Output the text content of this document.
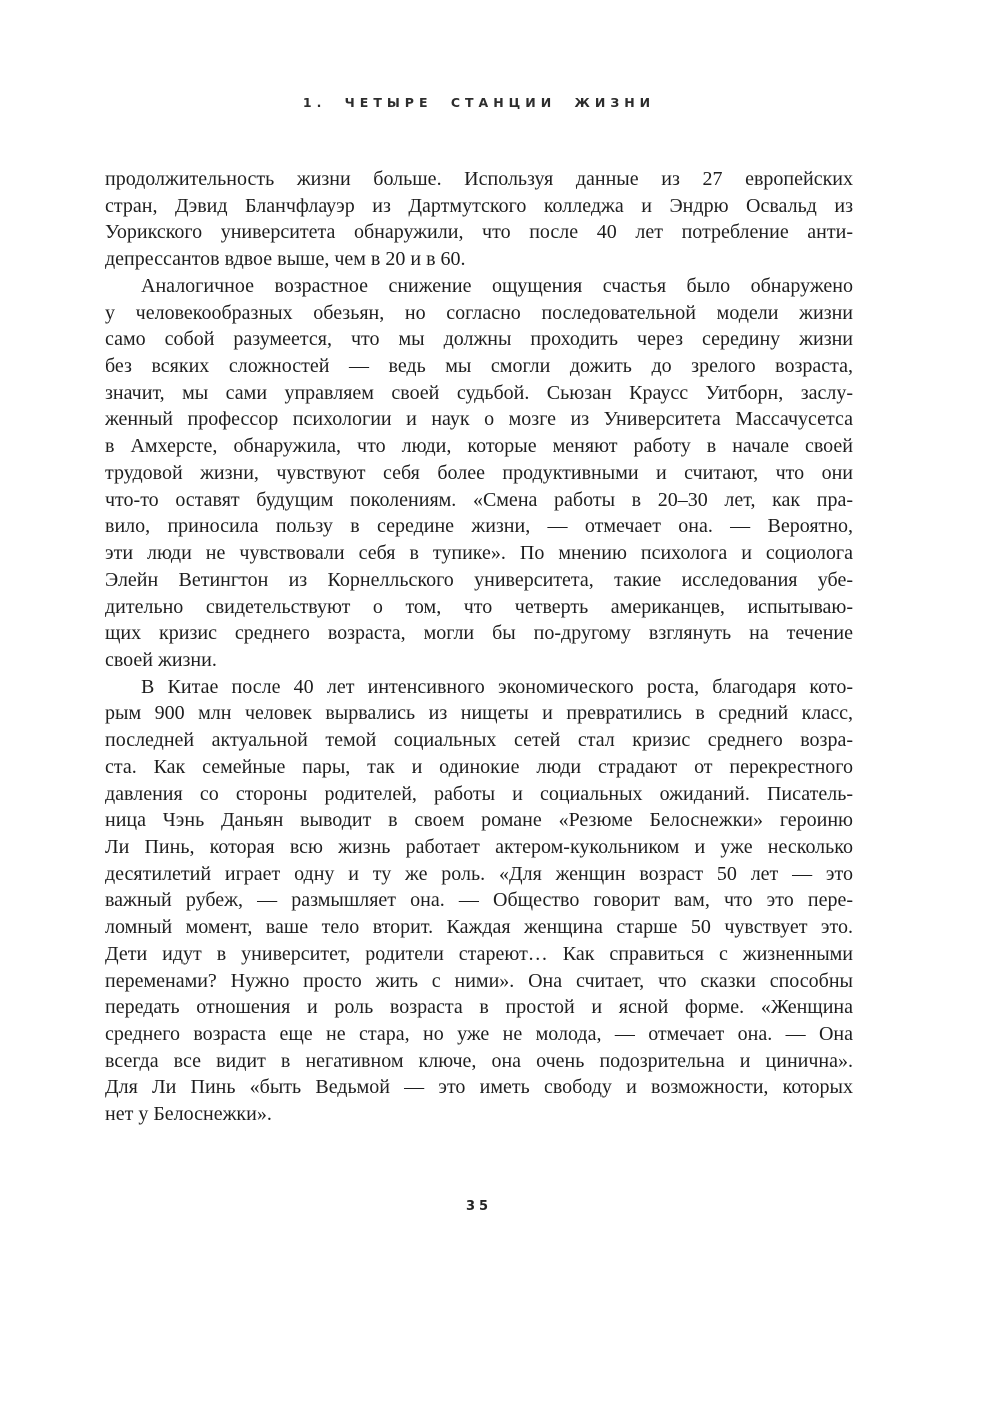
1. ЧЕТЫРЕ СТАНЦИИ ЖИЗНИ
продолжительность жизни больше. Используя данные из 27 европейских
стран, Дэвид Бланчфлауэр из Дартмутского колледжа и Эндрю Освальд из
Уорикского университета обнаружили, что после 40 лет потребление анти-
депрессантов вдвое выше, чем в 20 и в 60.
Аналогичное возрастное снижение ощущения счастья было обнаружено
у человекообразных обезьян, но согласно последовательной модели жизни
само собой разумеется, что мы должны проходить через середину жизни
без всяких сложностей — ведь мы смогли дожить до зрелого возраста,
значит, мы сами управляем своей судьбой. Сьюзан Краусс Уитборн, заслу-
женный профессор психологии и наук о мозге из Университета Массачусетса
в Амхерсте, обнаружила, что люди, которые меняют работу в начале своей
трудовой жизни, чувствуют себя более продуктивными и считают, что они
что-то оставят будущим поколениям. «Смена работы в 20–30 лет, как пра-
вило, приносила пользу в середине жизни, — отмечает она. — Вероятно,
эти люди не чувствовали себя в тупике». По мнению психолога и социолога
Элейн Ветингтон из Корнелльского университета, такие исследования убе-
дительно свидетельствуют о том, что четверть американцев, испытываю-
щих кризис среднего возраста, могли бы по-другому взглянуть на течение
своей жизни.
В Китае после 40 лет интенсивного экономического роста, благодаря кото-
рым 900 млн человек вырвались из нищеты и превратились в средний класс,
последней актуальной темой социальных сетей стал кризис среднего возра-
ста. Как семейные пары, так и одинокие люди страдают от перекрестного
давления со стороны родителей, работы и социальных ожиданий. Писатель-
ница Чэнь Даньян выводит в своем романе «Резюме Белоснежки» героиню
Ли Пинь, которая всю жизнь работает актером-кукольником и уже несколько
десятилетий играет одну и ту же роль. «Для женщин возраст 50 лет — это
важный рубеж, — размышляет она. — Общество говорит вам, что это пере-
ломный момент, ваше тело вторит. Каждая женщина старше 50 чувствует это.
Дети идут в университет, родители стареют… Как справиться с жизненными
переменами? Нужно просто жить с ними». Она считает, что сказки способны
передать отношения и роль возраста в простой и ясной форме. «Женщина
среднего возраста еще не стара, но уже не молода, — отмечает она. — Она
всегда все видит в негативном ключе, она очень подозрительна и цинична».
Для Ли Пинь «быть Ведьмой — это иметь свободу и возможности, которых
нет у Белоснежки».
35
